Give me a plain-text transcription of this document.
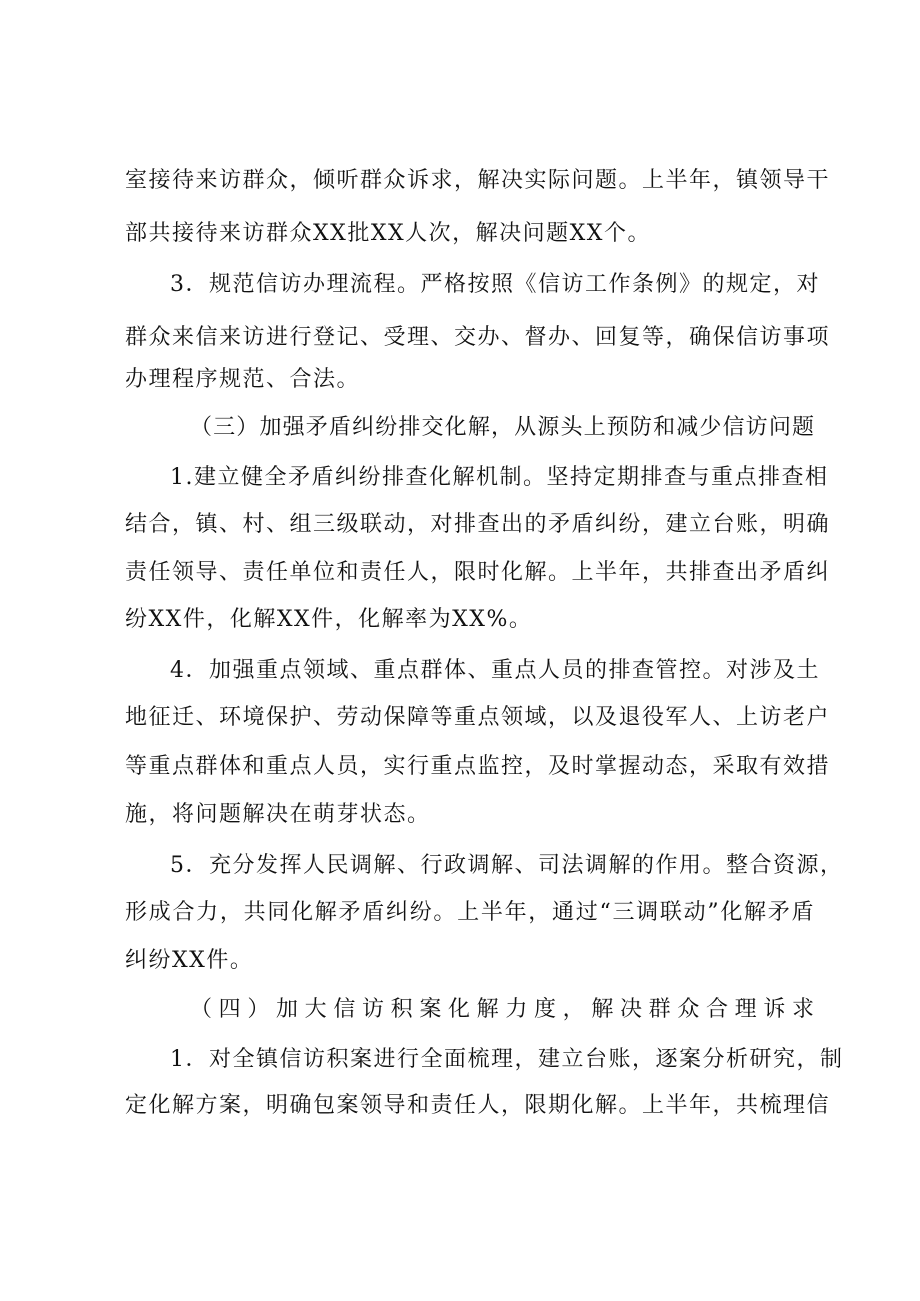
室接待来访群众，倾听群众诉求，解决实际问题。上半年，镇领导干
部共接待来访群众XX批XX人次，解决问题XX个。
3．规范信访办理流程。严格按照《信访工作条例》的规定，对
群众来信来访进行登记、受理、交办、督办、回复等，确保信访事项
办理程序规范、合法。
（三）加强矛盾纠纷排交化解，从源头上预防和减少信访问题
1.建立健全矛盾纠纷排查化解机制。坚持定期排查与重点排查相
结合，镇、村、组三级联动，对排查出的矛盾纠纷，建立台账，明确
责任领导、责任单位和责任人，限时化解。上半年，共排查出矛盾纠
纷XX件，化解XX件，化解率为XX%。
4．加强重点领域、重点群体、重点人员的排查管控。对涉及土
地征迁、环境保护、劳动保障等重点领域，以及退役军人、上访老户
等重点群体和重点人员，实行重点监控，及时掌握动态，采取有效措
施，将问题解决在萌芽状态。
5．充分发挥人民调解、行政调解、司法调解的作用。整合资源，
形成合力，共同化解矛盾纠纷。上半年，通过“三调联动”化解矛盾
纠纷XX件。
（四）加大信访积案化解力度，解决群众合理诉求
1．对全镇信访积案进行全面梳理，建立台账，逐案分析研究，制
定化解方案，明确包案领导和责任人，限期化解。上半年，共梳理信
